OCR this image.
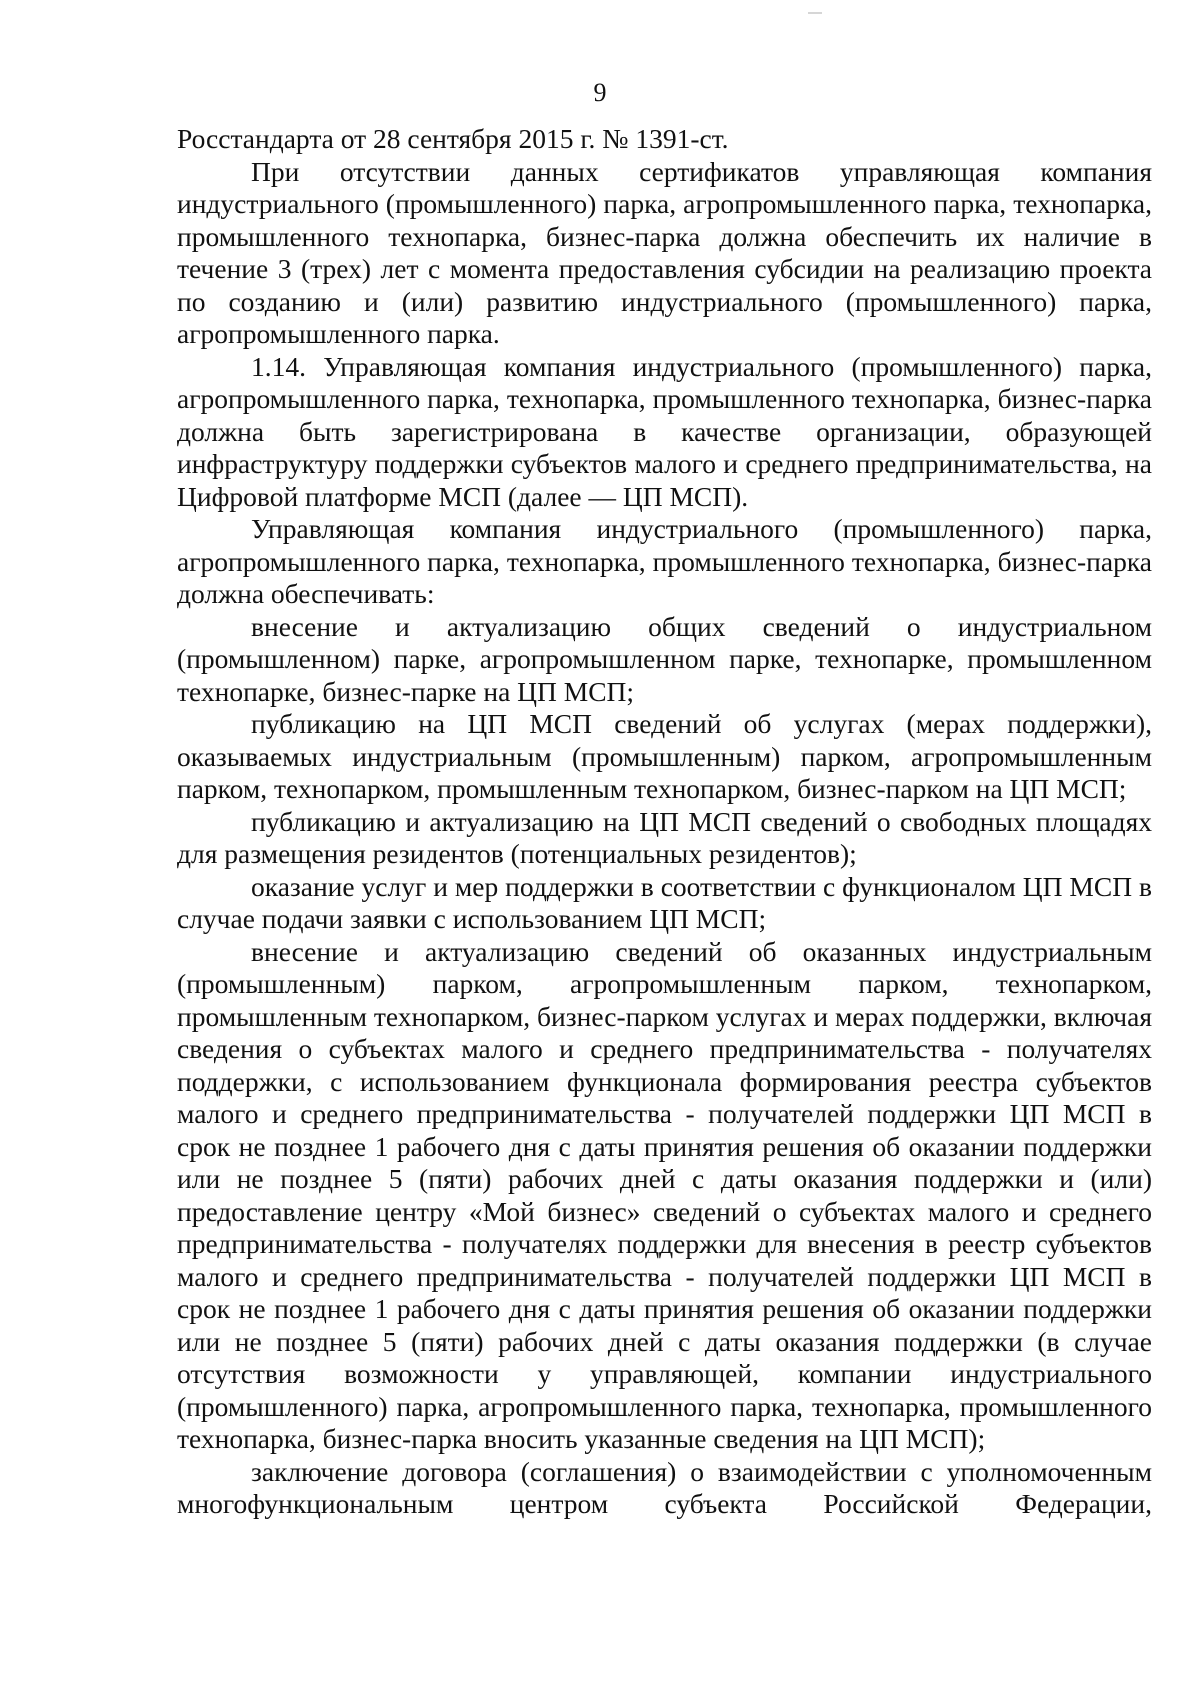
9

Росстандарта от 28 сентября 2015 г. № 1391-ст.

При отсутствии данных сертификатов управляющая компания индустриального (промышленного) парка, агропромышленного парка, технопарка, промышленного технопарка, бизнес-парка должна обеспечить их наличие в течение 3 (трех) лет с момента предоставления субсидии на реализацию проекта по созданию и (или) развитию индустриального (промышленного) парка, агропромышленного парка.

1.14. Управляющая компания индустриального (промышленного) парка, агропромышленного парка, технопарка, промышленного технопарка, бизнес-парка должна быть зарегистрирована в качестве организации, образующей инфраструктуру поддержки субъектов малого и среднего предпринимательства, на Цифровой платформе МСП (далее — ЦП МСП).

Управляющая компания индустриального (промышленного) парка, агропромышленного парка, технопарка, промышленного технопарка, бизнес-парка должна обеспечивать:

внесение и актуализацию общих сведений о индустриальном (промышленном) парке, агропромышленном парке, технопарке, промышленном технопарке, бизнес-парке на ЦП МСП;

публикацию на ЦП МСП сведений об услугах (мерах поддержки), оказываемых индустриальным (промышленным) парком, агропромышленным парком, технопарком, промышленным технопарком, бизнес-парком на ЦП МСП;

публикацию и актуализацию на ЦП МСП сведений о свободных площадях для размещения резидентов (потенциальных резидентов);

оказание услуг и мер поддержки в соответствии с функционалом ЦП МСП в случае подачи заявки с использованием ЦП МСП;

внесение и актуализацию сведений об оказанных индустриальным (промышленным) парком, агропромышленным парком, технопарком, промышленным технопарком, бизнес-парком услугах и мерах поддержки, включая сведения о субъектах малого и среднего предпринимательства - получателях поддержки, с использованием функционала формирования реестра субъектов малого и среднего предпринимательства - получателей поддержки ЦП МСП в срок не позднее 1 рабочего дня с даты принятия решения об оказании поддержки или не позднее 5 (пяти) рабочих дней с даты оказания поддержки и (или) предоставление центру «Мой бизнес» сведений о субъектах малого и среднего предпринимательства - получателях поддержки для внесения в реестр субъектов малого и среднего предпринимательства - получателей поддержки ЦП МСП в срок не позднее 1 рабочего дня с даты принятия решения об оказании поддержки или не позднее 5 (пяти) рабочих дней с даты оказания поддержки (в случае отсутствия возможности у управляющей, компании индустриального (промышленного) парка, агропромышленного парка, технопарка, промышленного технопарка, бизнес-парка вносить указанные сведения на ЦП МСП);

заключение договора (соглашения) о взаимодействии с уполномоченным многофункциональным центром субъекта Российской Федерации,
